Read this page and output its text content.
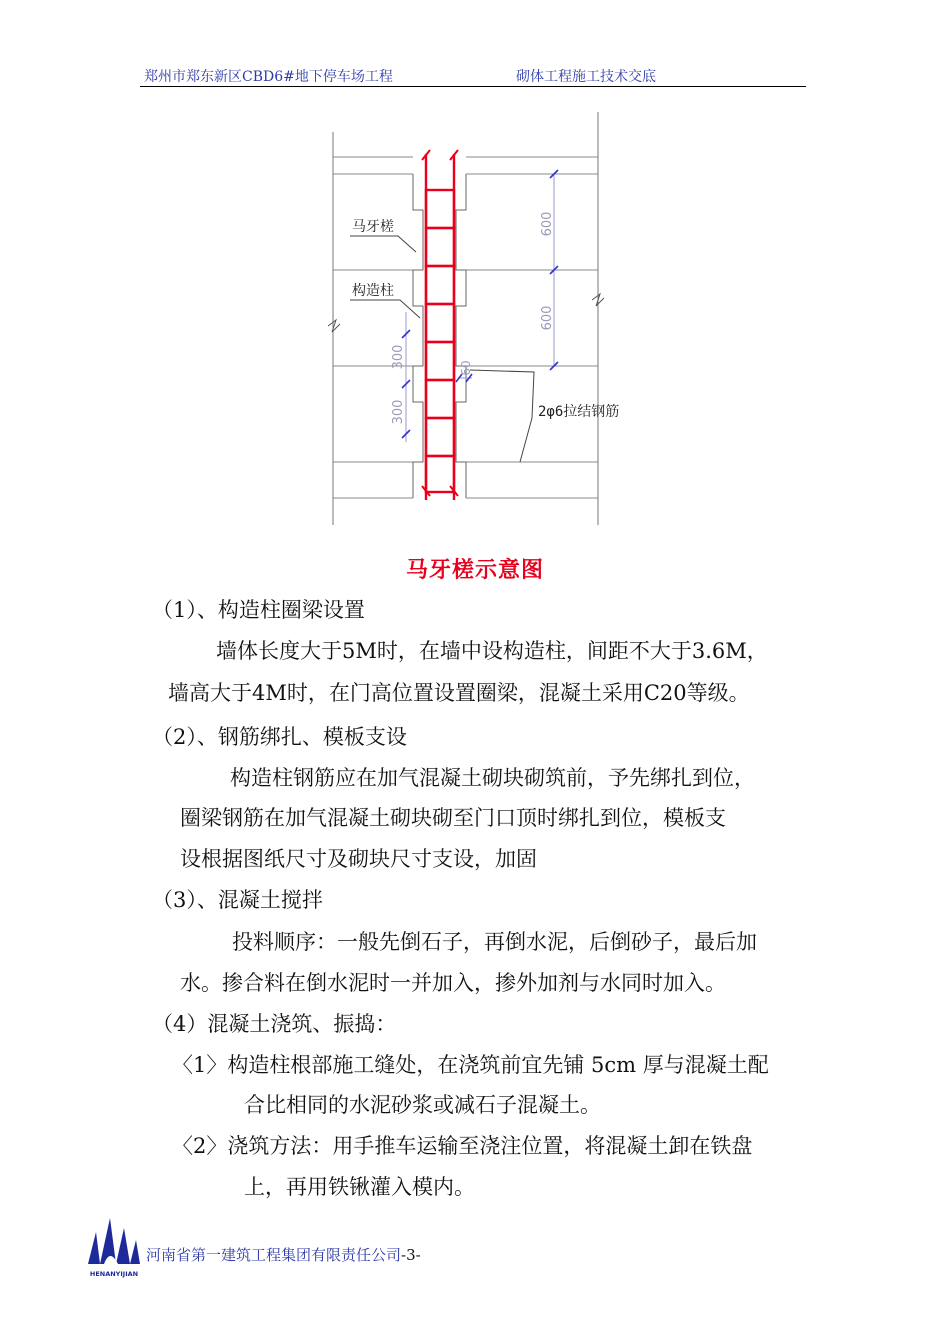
郑州市郑东新区CBD6#地下停车场工程	砌体工程施工技术交底
600
600
300
300
60
马牙槎
构造柱
2φ6拉结钢筋
马牙槎示意图
（1）、构造柱圈梁设置
墙体长度大于5M时，在墙中设构造柱，间距不大于3.6M，
墙高大于4M时，在门高位置设置圈梁，混凝土采用C20等级。
（2）、钢筋绑扎、模板支设
构造柱钢筋应在加气混凝土砌块砌筑前，予先绑扎到位，
圈梁钢筋在加气混凝土砌块砌至门口顶时绑扎到位，模板支
设根据图纸尺寸及砌块尺寸支设，加固
（3）、混凝土搅拌
投料顺序：一般先倒石子，再倒水泥，后倒砂子，最后加
水。掺合料在倒水泥时一并加入，掺外加剂与水同时加入。
（4）混凝土浇筑、振捣：
〈1〉构造柱根部施工缝处，在浇筑前宜先铺 5cm 厚与混凝土配
合比相同的水泥砂浆或减石子混凝土。
〈2〉浇筑方法：用手推车运输至浇注位置，将混凝土卸在铁盘
上，再用铁锹灌入模内。
HENANYIJIAN
河南省第一建筑工程集团有限责任公司-3-
